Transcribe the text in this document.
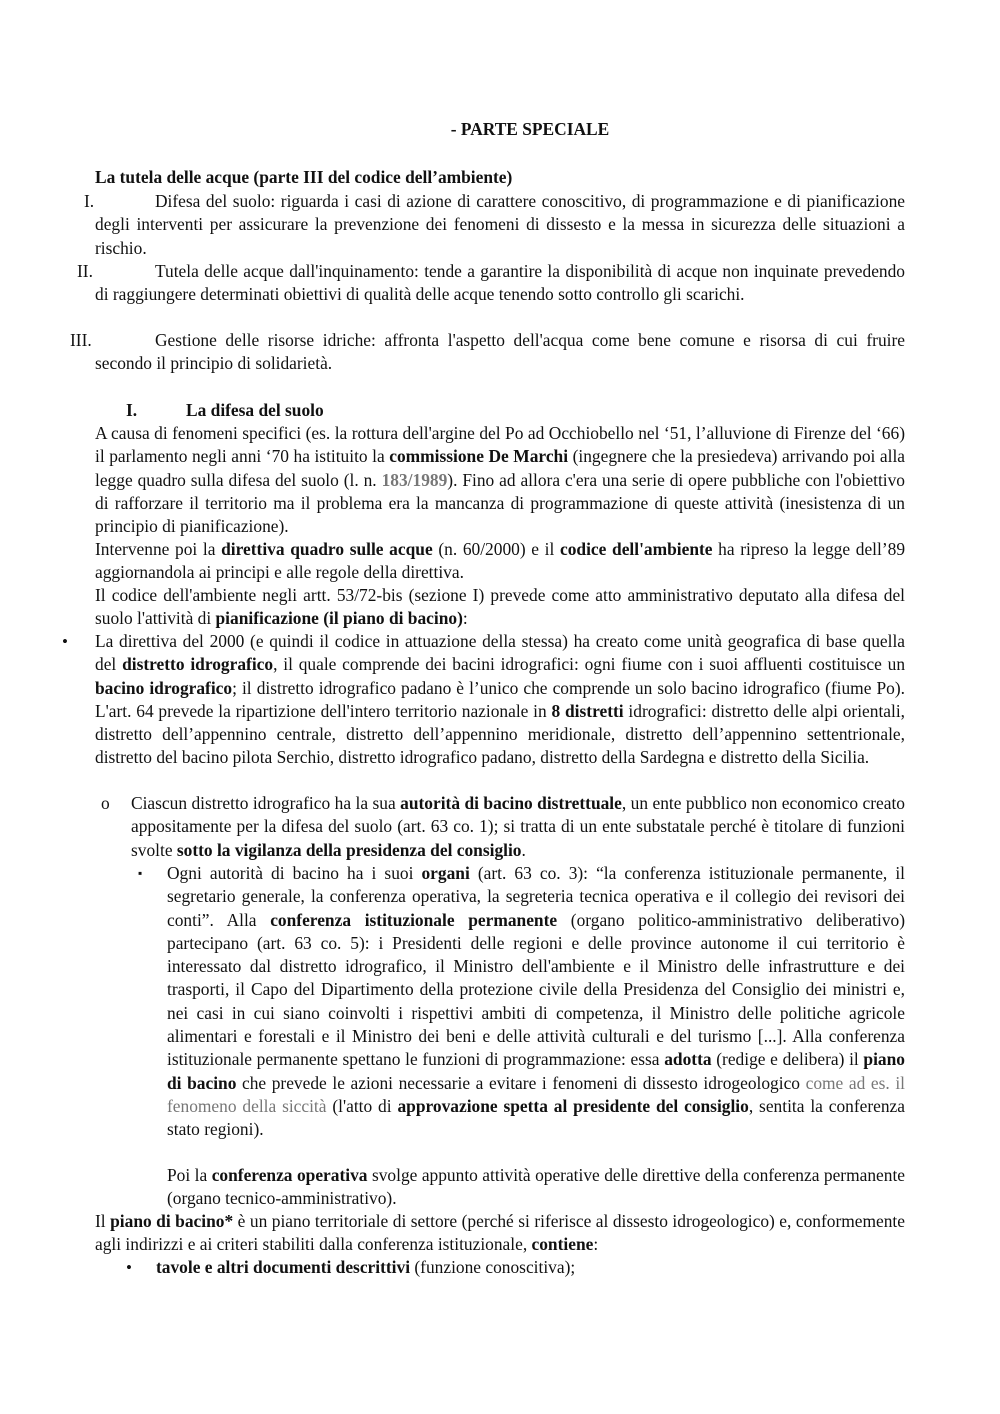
- PARTE SPECIALE
La tutela delle acque (parte III del codice dell’ambiente)
I.	Difesa del suolo: riguarda i casi di azione di carattere conoscitivo, di programmazione e di pianificazione degli interventi per assicurare la prevenzione dei fenomeni di dissesto e la messa in sicurezza delle situazioni a rischio.

II.	Tutela delle acque dall'inquinamento: tende a garantire la disponibilità di acque non inquinate prevedendo di raggiungere determinati obiettivi di qualità delle acque tenendo sotto controllo gli scarichi.

III.	Gestione delle risorse idriche: affronta l'aspetto dell'acqua come bene comune e risorsa di cui fruire secondo il principio di solidarietà.

I.	La difesa del suolo

A causa di fenomeni specifici (es. la rottura dell'argine del Po ad Occhiobello nel ‘51, l’alluvione di Firenze del ‘66) il parlamento negli anni ‘70 ha istituito la commissione De Marchi (ingegnere che la presiedeva) arrivando poi alla legge quadro sulla difesa del suolo (l. n. 183/1989). Fino ad allora c'era una serie di opere pubbliche con l'obiettivo di rafforzare il territorio ma il problema era la mancanza di programmazione di queste attività (inesistenza di un principio di pianificazione).

Intervenne poi la direttiva quadro sulle acque (n. 60/2000) e il codice dell'ambiente ha ripreso la legge dell’89 aggiornandola ai principi e alle regole della direttiva.

Il codice dell'ambiente negli artt. 53/72-bis (sezione I) prevede come atto amministrativo deputato alla difesa del suolo l'attività di pianificazione (il piano di bacino):

• La direttiva del 2000 (e quindi il codice in attuazione della stessa) ha creato come unità geografica di base quella del distretto idrografico, il quale comprende dei bacini idrografici: ogni fiume con i suoi affluenti costituisce un bacino idrografico; il distretto idrografico padano è l’unico che comprende un solo bacino idrografico (fiume Po). L'art. 64 prevede la ripartizione dell'intero territorio nazionale in 8 distretti idrografici: distretto delle alpi orientali, distretto dell’appennino centrale, distretto dell’appennino meridionale, distretto dell’appennino settentrionale, distretto del bacino pilota Serchio, distretto idrografico padano, distretto della Sardegna e distretto della Sicilia.

o Ciascun distretto idrografico ha la sua autorità di bacino distrettuale, un ente pubblico non economico creato appositamente per la difesa del suolo (art. 63 co. 1); si tratta di un ente substatale perché è titolare di funzioni svolte sotto la vigilanza della presidenza del consiglio.

▪ Ogni autorità di bacino ha i suoi organi (art. 63 co. 3): “la conferenza istituzionale permanente, il segretario generale, la conferenza operativa, la segreteria tecnica operativa e il collegio dei revisori dei conti”. Alla conferenza istituzionale permanente (organo politico-amministrativo deliberativo) partecipano (art. 63 co. 5): i Presidenti delle regioni e delle province autonome il cui territorio è interessato dal distretto idrografico, il Ministro dell'ambiente e il Ministro delle infrastrutture e dei trasporti, il Capo del Dipartimento della protezione civile della Presidenza del Consiglio dei ministri e, nei casi in cui siano coinvolti i rispettivi ambiti di competenza, il Ministro delle politiche agricole alimentari e forestali e il Ministro dei beni e delle attività culturali e del turismo [...]. Alla conferenza istituzionale permanente spettano le funzioni di programmazione: essa adotta (redige e delibera) il piano di bacino che prevede le azioni necessarie a evitare i fenomeni di dissesto idrogeologico come ad es. il fenomeno della siccità (l'atto di approvazione spetta al presidente del consiglio, sentita la conferenza stato regioni).

Poi la conferenza operativa svolge appunto attività operative delle direttive della conferenza permanente (organo tecnico-amministrativo).

Il piano di bacino* è un piano territoriale di settore (perché si riferisce al dissesto idrogeologico) e, conformemente agli indirizzi e ai criteri stabiliti dalla conferenza istituzionale, contiene:

• tavole e altri documenti descrittivi (funzione conoscitiva);
